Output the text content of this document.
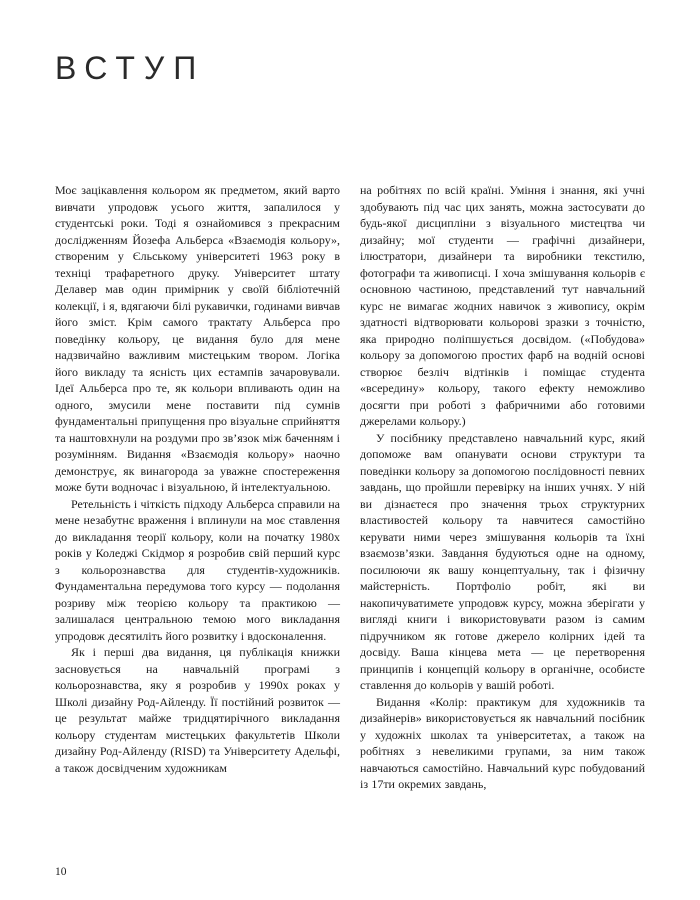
ВСТУП

Моє зацікавлення кольором як предметом, який варто вивчати упродовж усього життя, запалилося у студентські роки. Тоді я ознайомився з прекрасним дослідженням Йозефа Альберса «Взаємодія кольору», створеним у Єльському університеті 1963 року в техніці трафаретного друку. Університет штату Делавер мав один примірник у своїй бібліотечній колекції, і я, вдягаючи білі рукавички, годинами вивчав його зміст. Крім самого трактату Альберса про поведінку кольору, це видання було для мене надзвичайно важливим мистецьким твором. Логіка його викладу та ясність цих естампів зачаровували. Ідеї Альберса про те, як кольори впливають один на одного, змусили мене поставити під сумнів фундаментальні припущення про візуальне сприйняття та наштовхнули на роздуми про зв’язок між баченням і розумінням. Видання «Взаємодія кольору» наочно демонструє, як винагорода за уважне спостереження може бути водночас і візуальною, й інтелектуальною.

Ретельність і чіткість підходу Альберса справили на мене незабутнє враження і вплинули на моє ставлення до викладання теорії кольору, коли на початку 1980х років у Коледжі Скідмор я розробив свій перший курс з кольорознавства для студентів-художників. Фундаментальна передумова того курсу — подолання розриву між теорією кольору та практикою — залишалася центральною темою мого викладання упродовж десятиліть його розвитку і вдосконалення.

Як і перші два видання, ця публікація книжки засновується на навчальній програмі з кольорознавства, яку я розробив у 1990х роках у Школі дизайну Род-Айленду. Її постійний розвиток — це результат майже тридцятирічного викладання кольору студентам мистецьких факультетів Школи дизайну Род-Айленду (RISD) та Університету Адельфі, а також досвідченим художникам

на робітнях по всій країні. Уміння і знання, які учні здобувають під час цих занять, можна застосувати до будь-якої дисципліни з візуального мистецтва чи дизайну; мої студенти — графічні дизайнери, ілюстратори, дизайнери та виробники текстилю, фотографи та живописці. І хоча змішування кольорів є основною частиною, представлений тут навчальний курс не вимагає жодних навичок з живопису, окрім здатності відтворювати кольорові зразки з точністю, яка природно поліпшується досвідом. («Побудова» кольору за допомогою простих фарб на водній основі створює безліч відтінків і поміщає студента «всередину» кольору, такого ефекту неможливо досягти при роботі з фабричними або готовими джерелами кольору.)

У посібнику представлено навчальний курс, який допоможе вам опанувати основи структури та поведінки кольору за допомогою послідовності певних завдань, що пройшли перевірку на інших учнях. У ній ви дізнаєтеся про значення трьох структурних властивостей кольору та навчитеся самостійно керувати ними через змішування кольорів та їхні взаємозв’язки. Завдання будуються одне на одному, посилюючи як вашу концептуальну, так і фізичну майстерність. Портфоліо робіт, які ви накопичуватимете упродовж курсу, можна зберігати у вигляді книги і використовувати разом із самим підручником як готове джерело колірних ідей та досвіду. Ваша кінцева мета — це перетворення принципів і концепцій кольору в органічне, особисте ставлення до кольорів у вашій роботі.

Видання «Колір: практикум для художників та дизайнерів» використовується як навчальний посібник у художніх школах та університетах, а також на робітнях з невеликими групами, за ним також навчаються самостійно. Навчальний курс побудований із 17ти окремих завдань,

10
